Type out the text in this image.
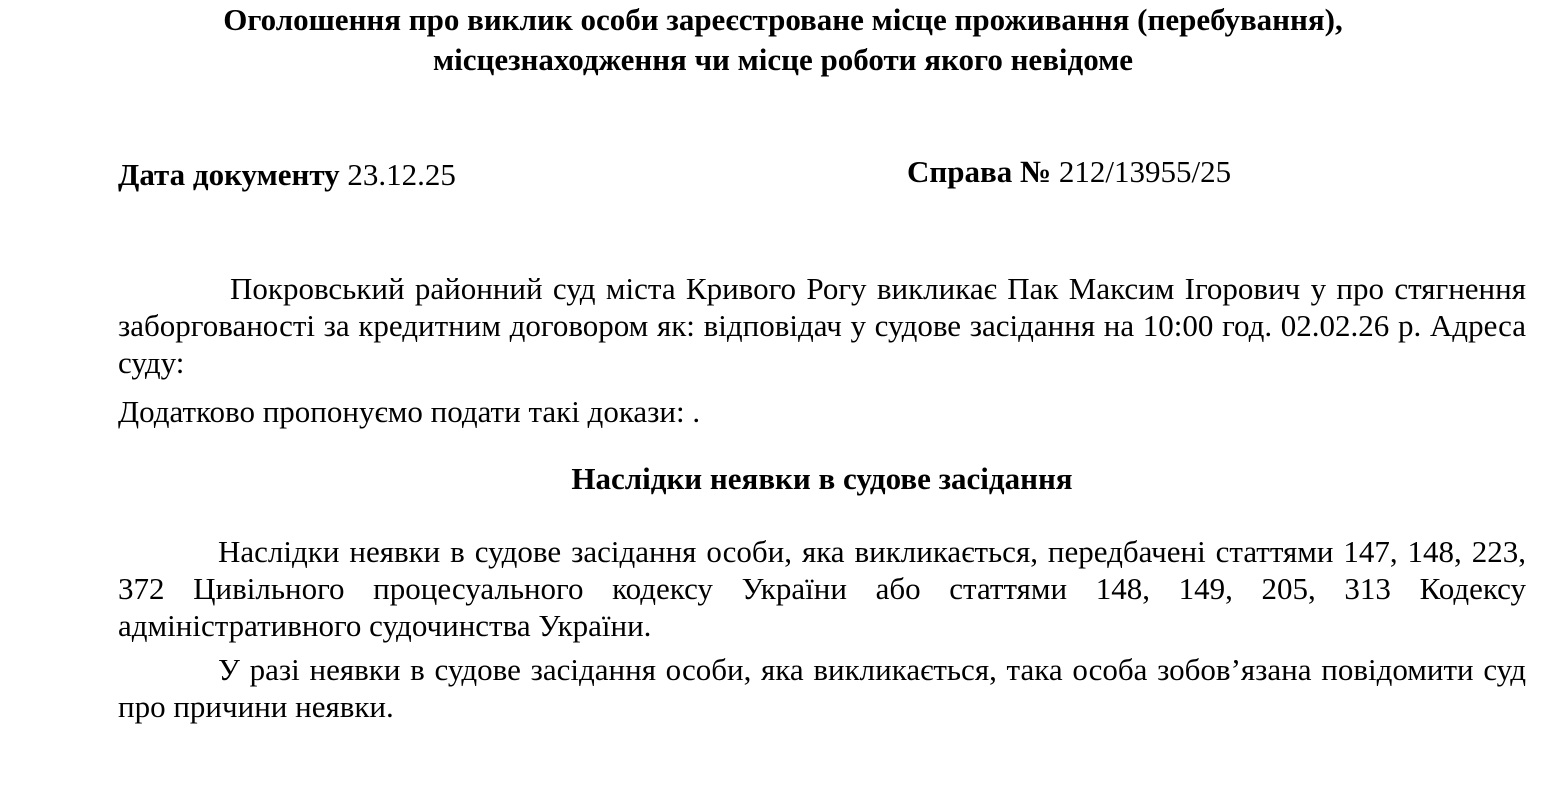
Оголошення про виклик особи зареєстроване місце проживання (перебування),
місцезнаходження чи місце роботи якого невідоме
Дата документу 23.12.25	Справа № 212/13955/25
Покровський районний суд міста Кривого Рогу викликає Пак Максим Ігорович у про стягнення заборгованості за кредитним договором як: відповідач у судове засідання на 10:00 год. 02.02.26 р. Адреса суду:
Додатково пропонуємо подати такі докази: .
Наслідки неявки в судове засідання
Наслідки неявки в судове засідання особи, яка викликається, передбачені статтями 147, 148, 223, 372 Цивільного процесуального кодексу України або статтями 148, 149, 205, 313 Кодексу адміністративного судочинства України.
У разі неявки в судове засідання особи, яка викликається, така особа зобов’язана повідомити суд про причини неявки.
